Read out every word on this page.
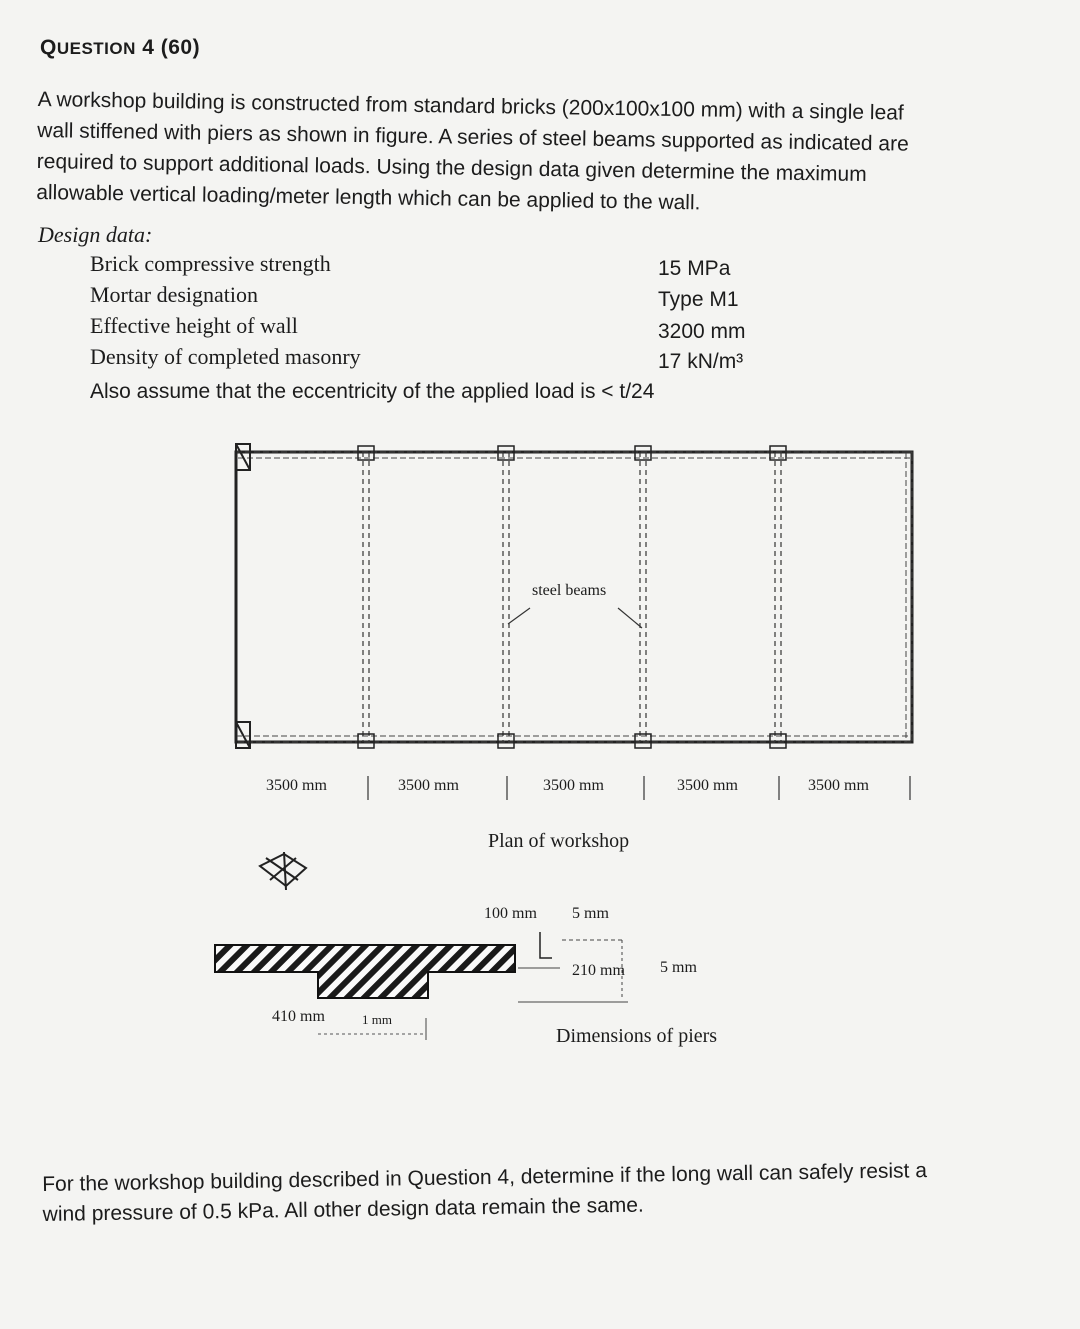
QUESTION 4 (60)
A workshop building is constructed from standard bricks (200x100x100 mm) with a single leaf
wall stiffened with piers as shown in figure. A series of steel beams supported as indicated are
required to support additional loads. Using the design data given determine the maximum
allowable vertical loading/meter length which can be applied to the wall.
Design data:
Brick compressive strength	15 MPa
Mortar designation	Type M1
Effective height of wall	3200 mm
Density of completed masonry	17 kN/m³
Also assume that the eccentricity of the applied load is < t/24
steel beams
3500 mm	3500 mm	3500 mm	3500 mm	3500 mm
Plan of workshop
100 mm 5 mm
210 mm 5 mm
410 mm	1 mm
Dimensions of piers
For the workshop building described in Question 4, determine if the long wall can safely resist a
wind pressure of 0.5 kPa. All other design data remain the same.
